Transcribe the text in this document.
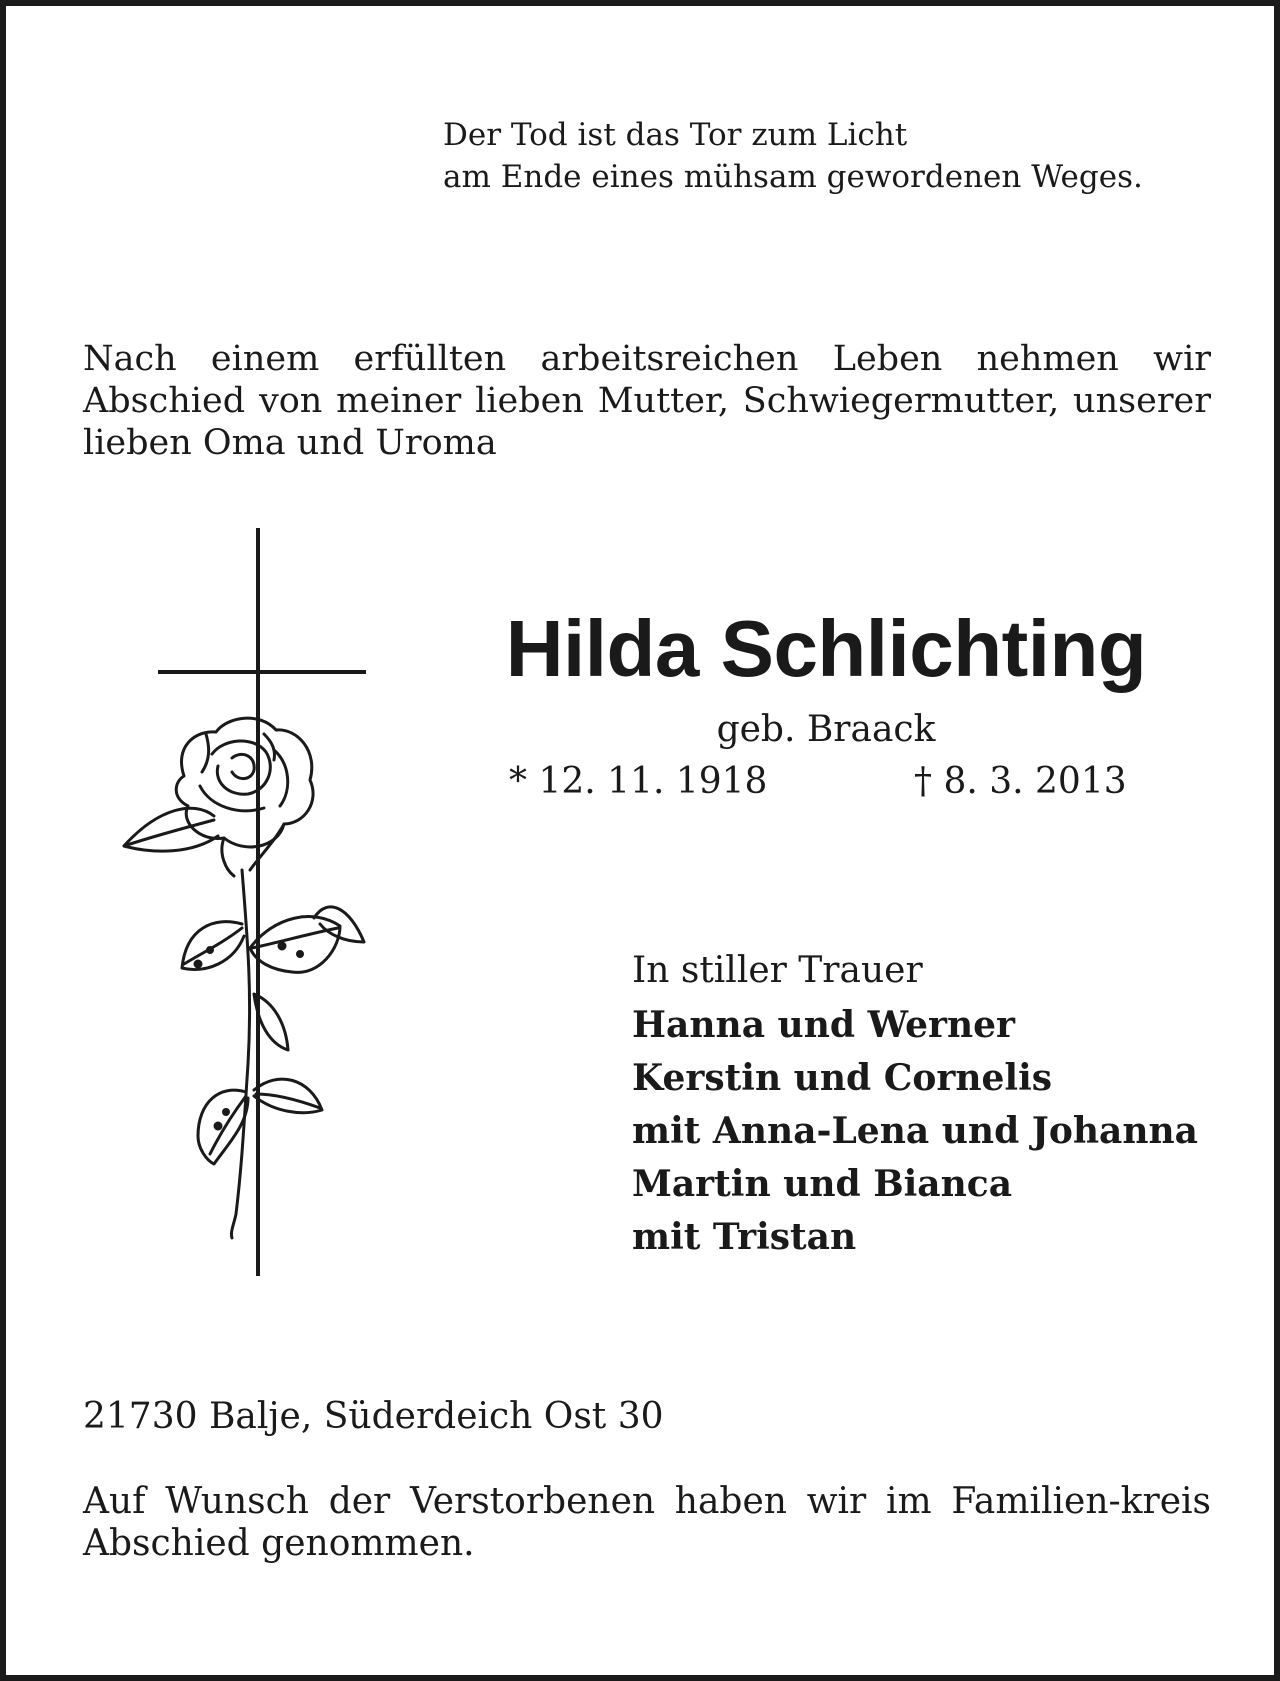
Der Tod ist das Tor zum Licht
am Ende eines mühsam gewordenen Weges.
Nach einem erfüllten arbeitsreichen Leben nehmen wir Abschied von meiner lieben Mutter, Schwiegermutter, unserer lieben Oma und Uroma
Hilda Schlichting
geb. Braack
* 12. 11. 1918	† 8. 3. 2013
In stiller Trauer
Hanna und Werner
Kerstin und Cornelis
mit Anna-Lena und Johanna
Martin und Bianca
mit Tristan
21730 Balje, Süderdeich Ost 30
Auf Wunsch der Verstorbenen haben wir im Familien-kreis Abschied genommen.
